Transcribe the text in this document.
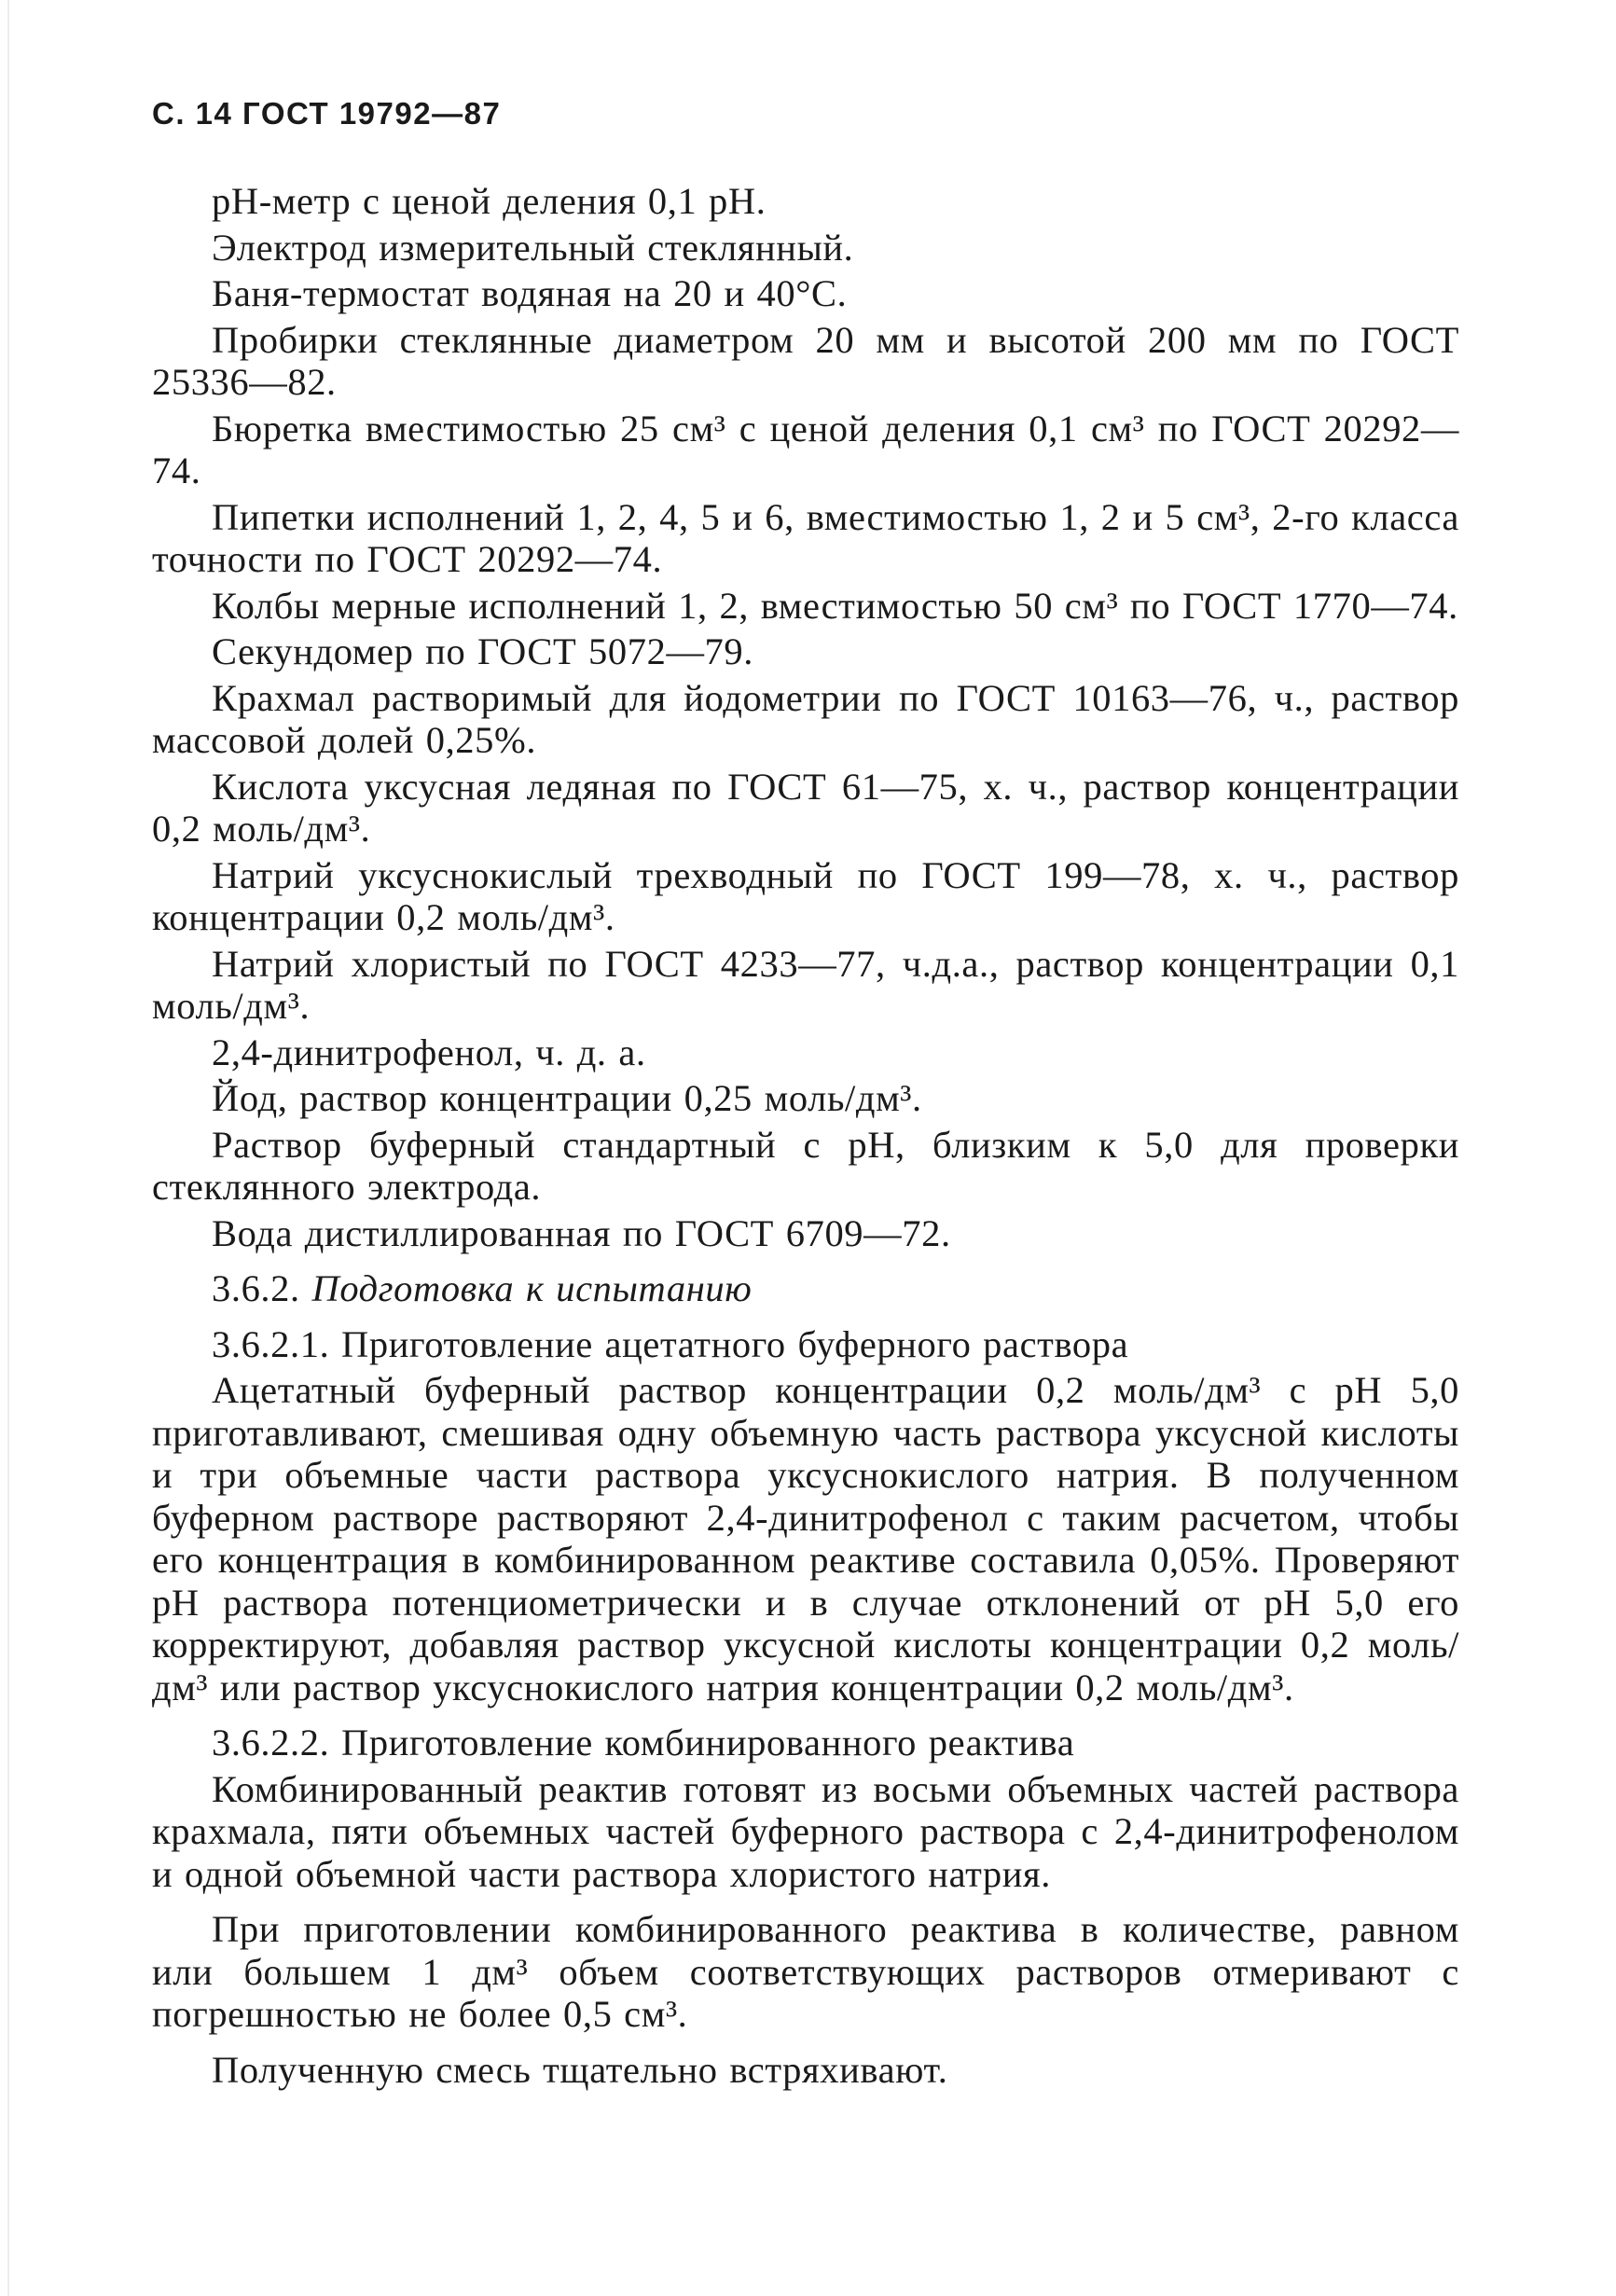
С. 14 ГОСТ 19792—87

pH-метр с ценой деления 0,1 pH.

Электрод измерительный стеклянный.

Баня-термостат водяная на 20 и 40°С.

Пробирки стеклянные диаметром 20 мм и высотой 200 мм по ГОСТ 25336—82.

Бюретка вместимостью 25 см³ с ценой деления 0,1 см³ по ГОСТ 20292—74.

Пипетки исполнений 1, 2, 4, 5 и 6, вместимостью 1, 2 и 5 см³, 2-го класса точности по ГОСТ 20292—74.

Колбы мерные исполнений 1, 2, вместимостью 50 см³ по ГОСТ 1770—74.

Секундомер по ГОСТ 5072—79.

Крахмал растворимый для йодометрии по ГОСТ 10163—76, ч., раствор массовой долей 0,25%.

Кислота уксусная ледяная по ГОСТ 61—75, х. ч., раствор концентрации 0,2 моль/дм³.

Натрий уксуснокислый трехводный по ГОСТ 199—78, х. ч., раствор концентрации 0,2 моль/дм³.

Натрий хлористый по ГОСТ 4233—77, ч.д.а., раствор концентрации 0,1 моль/дм³.

2,4-динитрофенол, ч. д. а.

Йод, раствор концентрации 0,25 моль/дм³.

Раствор буферный стандартный с pH, близким к 5,0 для проверки стеклянного электрода.

Вода дистиллированная по ГОСТ 6709—72.

3.6.2. Подготовка к испытанию

3.6.2.1. Приготовление ацетатного буферного раствора

Ацетатный буферный раствор концентрации 0,2 моль/дм³ с pH 5,0 приготавливают, смешивая одну объемную часть раствора уксусной кислоты и три объемные части раствора уксуснокислого натрия. В полученном буферном растворе растворяют 2,4-динитрофенол с таким расчетом, чтобы его концентрация в комбинированном реактиве составила 0,05%. Проверяют pH раствора потенциометрически и в случае отклонений от pH 5,0 его корректируют, добавляя раствор уксусной кислоты концентрации 0,2 моль/дм³ или раствор уксуснокислого натрия концентрации 0,2 моль/дм³.

3.6.2.2. Приготовление комбинированного реактива

Комбинированный реактив готовят из восьми объемных частей раствора крахмала, пяти объемных частей буферного раствора с 2,4-динитрофенолом и одной объемной части раствора хлористого натрия.

При приготовлении комбинированного реактива в количестве, равном или большем 1 дм³ объем соответствующих растворов отмеривают с погрешностью не более 0,5 см³.

Полученную смесь тщательно встряхивают.
